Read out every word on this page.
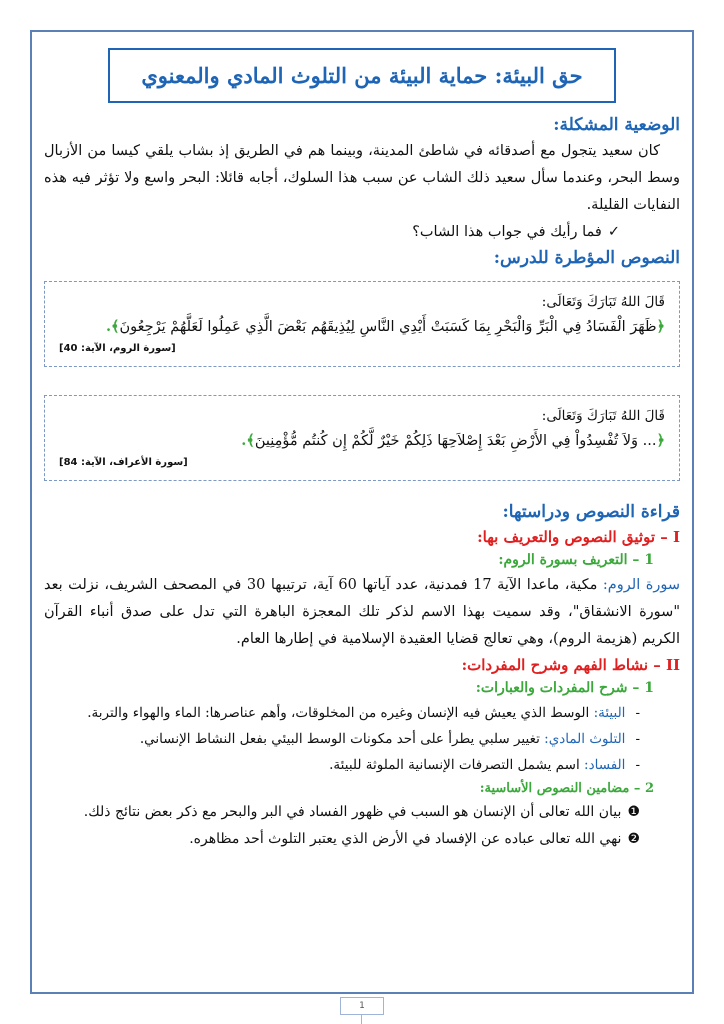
حق البيئة: حماية البيئة من التلوث المادي والمعنوي
الوضعية المشكلة:

كان سعيد يتجول مع أصدقائه في شاطئ المدينة، وبينما هم في الطريق إذ بشاب يلقي كيسا من الأزبال وسط البحر، وعندما سأل سعيد ذلك الشاب عن سبب هذا السلوك، أجابه قائلا: البحر واسع ولا تؤثر فيه هذه النفايات القليلة.

✓فما رأيك في جواب هذا الشاب؟
النصوص المؤطرة للدرس:
قَالَ اللهُ تَبَارَكَ وَتَعَالَى:
﴿ظَهَرَ الْفَسَادُ فِي الْبَرِّ وَالْبَحْرِ بِمَا كَسَبَتْ أَيْدِي النَّاسِ لِيُذِيقَهُم بَعْضَ الَّذِي عَمِلُوا لَعَلَّهُمْ يَرْجِعُونَ﴾.
[سورة الروم، الآية: 40]
قَالَ اللهُ تَبَارَكَ وَتَعَالَى:
﴿... وَلاَ تُفْسِدُواْ فِي الأَرْضِ بَعْدَ إِصْلاَحِهَا ذَلِكُمْ خَيْرٌ لَّكُمْ إِن كُنتُم مُّؤْمِنِينَ﴾.
[سورة الأعراف، الآية: 84]
قراءة النصوص ودراستها:
I – توثيق النصوص والتعريف بها:
1 – التعريف بسورة الروم:

سورة الروم: مكية، ماعدا الآية 17 فمدنية، عدد آياتها 60 آية، ترتيبها 30 في المصحف الشريف، نزلت بعد "سورة الانشقاق"، وقد سميت بهذا الاسم لذكر تلك المعجزة الباهرة التي تدل على صدق أنباء القرآن الكريم (هزيمة الروم)، وهي تعالج قضايا العقيدة الإسلامية في إطارها العام.

II – نشاط الفهم وشرح المفردات:
1 – شرح المفردات والعبارات:
-البيئة: الوسط الذي يعيش فيه الإنسان وغيره من المخلوقات، وأهم عناصرها: الماء والهواء والتربة.
-التلوث المادي: تغيير سلبي يطرأ على أحد مكونات الوسط البيئي بفعل النشاط الإنساني.
-الفساد: اسم يشمل التصرفات الإنسانية الملوثة للبيئة.
2 – مضامين النصوص الأساسية:
❶بيان الله تعالى أن الإنسان هو السبب في ظهور الفساد في البر والبحر مع ذكر بعض نتائج ذلك.
❷نهي الله تعالى عباده عن الإفساد في الأرض الذي يعتبر التلوث أحد مظاهره.
1
